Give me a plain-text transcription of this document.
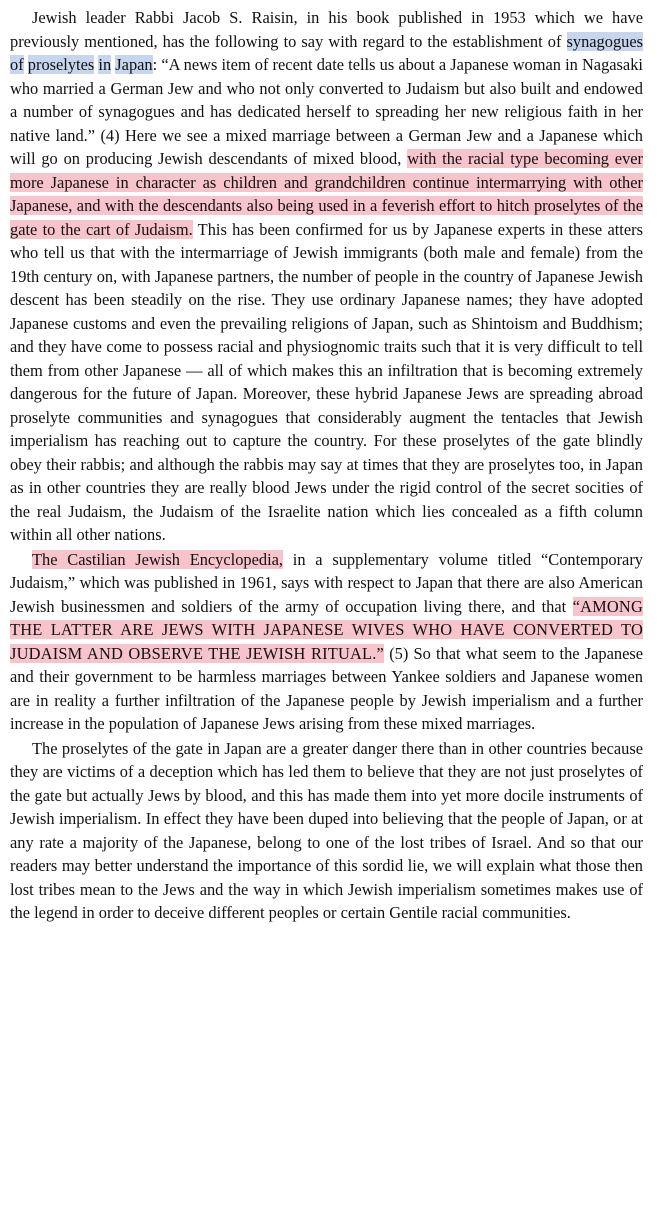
Jewish leader Rabbi Jacob S. Raisin, in his book published in 1953 which we have previously mentioned, has the following to say with regard to the establishment of synagogues of proselytes in Japan: “A news item of recent date tells us about a Japanese woman in Nagasaki who married a German Jew and who not only converted to Judaism but also built and endowed a number of synagogues and has dedicated herself to spreading her new religious faith in her native land.” (4) Here we see a mixed marriage between a German Jew and a Japanese which will go on producing Jewish descendants of mixed blood, with the racial type becoming ever more Japanese in character as children and grandchildren continue intermarrying with other Japanese, and with the descendants also being used in a feverish effort to hitch proselytes of the gate to the cart of Judaism. This has been confirmed for us by Japanese experts in these atters who tell us that with the intermarriage of Jewish immigrants (both male and female) from the 19th century on, with Japanese partners, the number of people in the country of Japanese Jewish descent has been steadily on the rise. They use ordinary Japanese names; they have adopted Japanese customs and even the prevailing religions of Japan, such as Shintoism and Buddhism; and they have come to possess racial and physiognomic traits such that it is very difficult to tell them from other Japanese — all of which makes this an infiltration that is becoming extremely dangerous for the future of Japan. Moreover, these hybrid Japanese Jews are spreading abroad proselyte communities and synagogues that considerably augment the tentacles that Jewish imperialism has reaching out to capture the country. For these proselytes of the gate blindly obey their rabbis; and although the rabbis may say at times that they are proselytes too, in Japan as in other countries they are really blood Jews under the rigid control of the secret socities of the real Judaism, the Judaism of the Israelite nation which lies concealed as a fifth column within all other nations.

The Castilian Jewish Encyclopedia, in a supplementary volume titled “Contemporary Judaism,” which was published in 1961, says with respect to Japan that there are also American Jewish businessmen and soldiers of the army of occupation living there, and that “AMONG THE LATTER ARE JEWS WITH JAPANESE WIVES WHO HAVE CONVERTED TO JUDAISM AND OBSERVE THE JEWISH RITUAL.” (5) So that what seem to the Japanese and their government to be harmless marriages between Yankee soldiers and Japanese women are in reality a further infiltration of the Japanese people by Jewish imperialism and a further increase in the population of Japanese Jews arising from these mixed marriages.

The proselytes of the gate in Japan are a greater danger there than in other countries because they are victims of a deception which has led them to believe that they are not just proselytes of the gate but actually Jews by blood, and this has made them into yet more docile instruments of Jewish imperialism. In effect they have been duped into believing that the people of Japan, or at any rate a majority of the Japanese, belong to one of the lost tribes of Israel. And so that our readers may better understand the importance of this sordid lie, we will explain what those then lost tribes mean to the Jews and the way in which Jewish imperialism sometimes makes use of the legend in order to deceive different peoples or certain Gentile racial communities.
